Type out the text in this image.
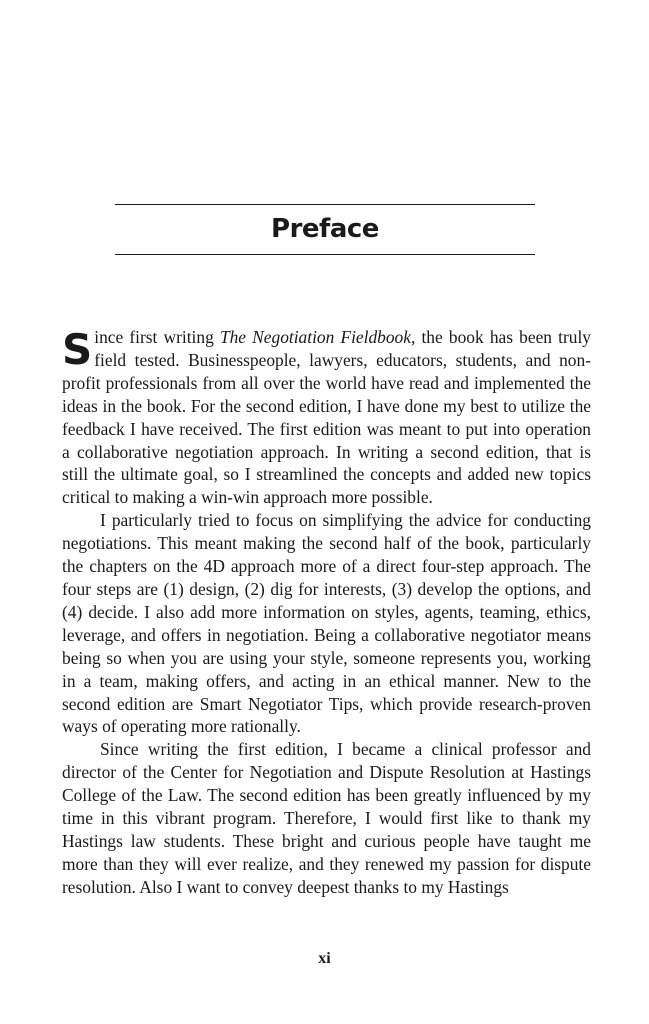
Preface

Since first writing The Negotiation Fieldbook, the book has been truly field tested. Businesspeople, lawyers, educators, students, and nonprofit professionals from all over the world have read and implemented the ideas in the book. For the second edition, I have done my best to utilize the feedback I have received. The first edition was meant to put into operation a collaborative negotiation approach. In writing a second edition, that is still the ultimate goal, so I streamlined the concepts and added new topics critical to making a win-win approach more possible.

I particularly tried to focus on simplifying the advice for conducting negotiations. This meant making the second half of the book, particularly the chapters on the 4D approach more of a direct four-step approach. The four steps are (1) design, (2) dig for interests, (3) develop the options, and (4) decide. I also add more information on styles, agents, teaming, ethics, leverage, and offers in negotiation. Being a collaborative negotiator means being so when you are using your style, someone represents you, working in a team, making offers, and acting in an ethical manner. New to the second edition are Smart Negotiator Tips, which provide research-proven ways of operating more rationally.

Since writing the first edition, I became a clinical professor and director of the Center for Negotiation and Dispute Resolution at Hastings College of the Law. The second edition has been greatly influenced by my time in this vibrant program. Therefore, I would first like to thank my Hastings law students. These bright and curious people have taught me more than they will ever realize, and they renewed my passion for dispute resolution. Also I want to convey deepest thanks to my Hastings

xi
